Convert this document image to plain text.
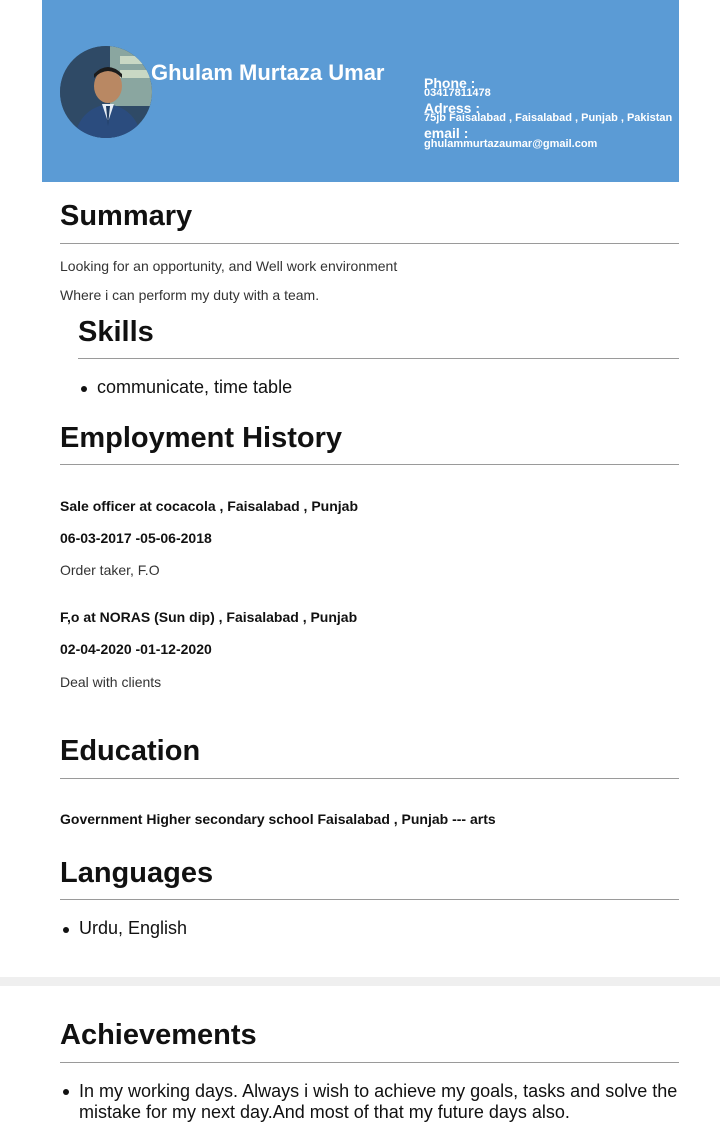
Ghulam Murtaza Umar	Phone :
03417811478
Adress :
75jb Faisalabad , Faisalabad , Punjab , Pakistan
email :
ghulammurtazaumar@gmail.com
Summary
Looking for an opportunity, and Well work environment
Where i can perform my duty with a team.
Skills
communicate, time table
Employment History
Sale officer at cocacola , Faisalabad , Punjab
06-03-2017 -05-06-2018
Order taker, F.O
F,o at NORAS (Sun dip) , Faisalabad , Punjab
02-04-2020 -01-12-2020
Deal with clients
Education
Government Higher secondary school Faisalabad , Punjab --- arts
Languages
Urdu, English
Achievements
In my working days. Always i wish to achieve my goals, tasks and solve the mistake for my next day.And most of that my future days also.
